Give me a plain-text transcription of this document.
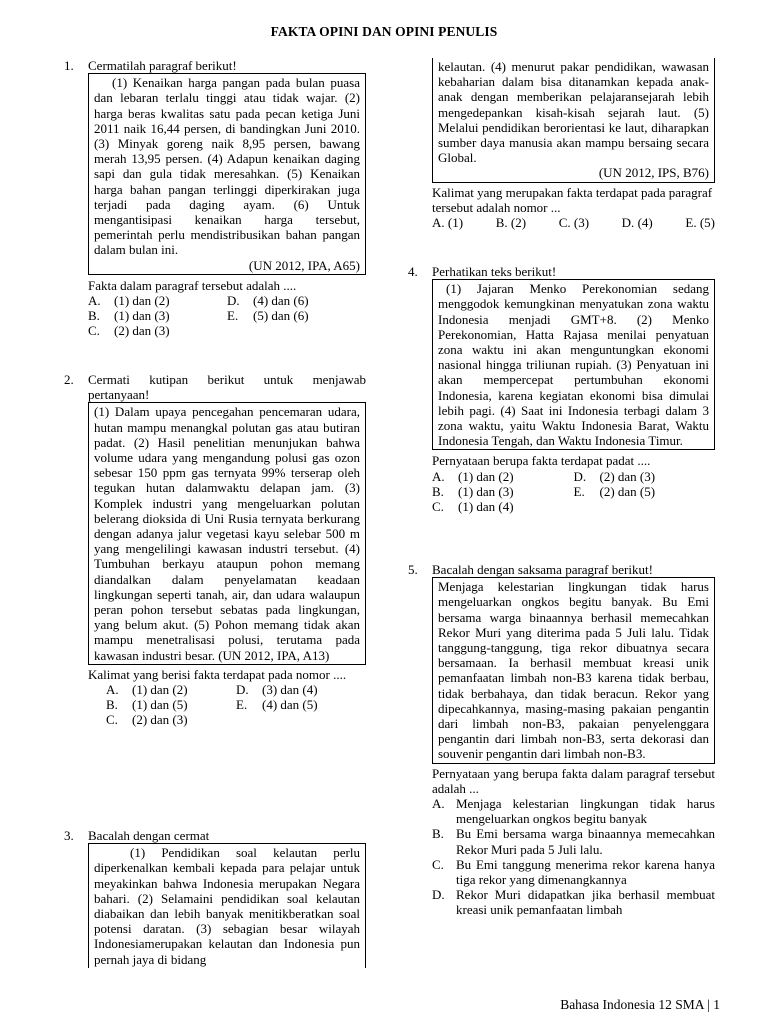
FAKTA OPINI DAN OPINI PENULIS
1. Cermatilah paragraf berikut!

(1) Kenaikan harga pangan pada bulan puasa dan lebaran terlalu tinggi atau tidak wajar. (2) harga beras kwalitas satu pada pecan ketiga Juni 2011 naik 16,44 persen, di bandingkan Juni 2010. (3) Minyak goreng naik 8,95 persen, bawang merah 13,95 persen. (4) Adapun kenaikan daging sapi dan gula tidak meresahkan. (5) Kenaikan harga bahan pangan terlinggi diperkirakan juga terjadi pada daging ayam. (6) Untuk mengantisipasi kenaikan harga tersebut, pemerintah perlu mendistribusikan bahan pangan dalam bulan ini.

(UN 2012, IPA, A65)
Fakta dalam paragraf tersebut adalah ....
A.	(1) dan (2)	D.	(4) dan (6)
B.	(1) dan (3)	E.	(5) dan (6)
C.	(2) dan (3)
2. Cermati kutipan berikut untuk menjawab pertanyaan!

(1) Dalam upaya pencegahan pencemaran udara, hutan mampu menangkal polutan gas atau butiran padat. (2) Hasil penelitian menunjukan bahwa volume udara yang mengandung polusi gas ozon sebesar 150 ppm gas ternyata 99% terserap oleh tegukan hutan dalamwaktu delapan jam. (3) Komplek industri yang mengeluarkan polutan belerang dioksida di Uni Rusia ternyata berkurang dengan adanya jalur vegetasi kayu selebar 500 m yang mengelilingi kawasan industri tersebut. (4) Tumbuhan berkayu ataupun pohon memang diandalkan dalam penyelamatan keadaan lingkungan seperti tanah, air, dan udara walaupun peran pohon tersebut sebatas pada lingkungan, yang belum akut. (5) Pohon memang tidak akan mampu menetralisasi polusi, terutama pada kawasan industri besar. (UN 2012, IPA, A13)

Kalimat yang berisi fakta terdapat pada nomor ....
A.	(1) dan (2)	D.	(3) dan (4)
B.	(1) dan (5)	E.	(4) dan (5)
C.	(2) dan (3)
3. Bacalah dengan cermat

(1) Pendidikan soal kelautan perlu diperkenalkan kembali kepada para pelajar untuk meyakinkan bahwa Indonesia merupakan Negara bahari. (2) Selamaini pendidikan soal kelautan diabaikan dan lebih banyak menitikberatkan soal potensi daratan. (3) sebagian besar wilayah Indonesiamerupakan kelautan dan Indonesia pun pernah jaya di bidang

kelautan. (4) menurut pakar pendidikan, wawasan kebaharian dalam bisa ditanamkan kepada anak-anak dengan memberikan pelajaransejarah lebih mengedepankan kisah-kisah sejarah laut. (5) Melalui pendidikan berorientasi ke laut, diharapkan sumber daya manusia akan mampu bersaing secara Global.

(UN 2012, IPS, B76)
Kalimat yang merupakan fakta terdapat pada paragraf tersebut adalah nomor ...
A. (1)	B. (2)	C. (3)	D. (4)	E. (5)
4. Perhatikan teks berikut!

(1) Jajaran Menko Perekonomian sedang menggodok kemungkinan menyatukan zona waktu Indonesia menjadi GMT+8. (2) Menko Perekonomian, Hatta Rajasa menilai penyatuan zona waktu ini akan menguntungkan ekonomi nasional hingga triliunan rupiah. (3) Penyatuan ini akan mempercepat pertumbuhan ekonomi Indonesia, karena kegiatan ekonomi bisa dimulai lebih pagi. (4) Saat ini Indonesia terbagi dalam 3 zona waktu, yaitu Waktu Indonesia Barat, Waktu Indonesia Tengah, dan Waktu Indonesia Timur.

Pernyataan berupa fakta terdapat padat ....
A.	(1) dan (2)	D.	(2) dan (3)
B.	(1) dan (3)	E.	(2) dan (5)
C.	(1) dan (4)
5. Bacalah dengan saksama paragraf berikut!

Menjaga kelestarian lingkungan tidak harus mengeluarkan ongkos begitu banyak. Bu Emi bersama warga binaannya berhasil memecahkan Rekor Muri yang diterima pada 5 Juli lalu. Tidak tanggung-tanggung, tiga rekor dibuatnya secara bersamaan. Ia berhasil membuat kreasi unik pemanfaatan limbah non-B3 karena tidak berbau, tidak berbahaya, dan tidak beracun. Rekor yang dipecahkannya, masing-masing pakaian pengantin dari limbah non-B3, pakaian penyelenggara pengantin dari limbah non-B3, serta dekorasi dan souvenir pengantin dari limbah non-B3.

Pernyataan yang berupa fakta dalam paragraf tersebut adalah ...
A. Menjaga kelestarian lingkungan tidak harus mengeluarkan ongkos begitu banyak
B. Bu Emi bersama warga binaannya memecahkan Rekor Muri pada 5 Juli lalu.
C. Bu Emi tanggung menerima rekor karena hanya tiga rekor yang dimenangkannya
D. Rekor Muri didapatkan jika berhasil membuat kreasi unik pemanfaatan limbah
Bahasa Indonesia 12 SMA | 1
